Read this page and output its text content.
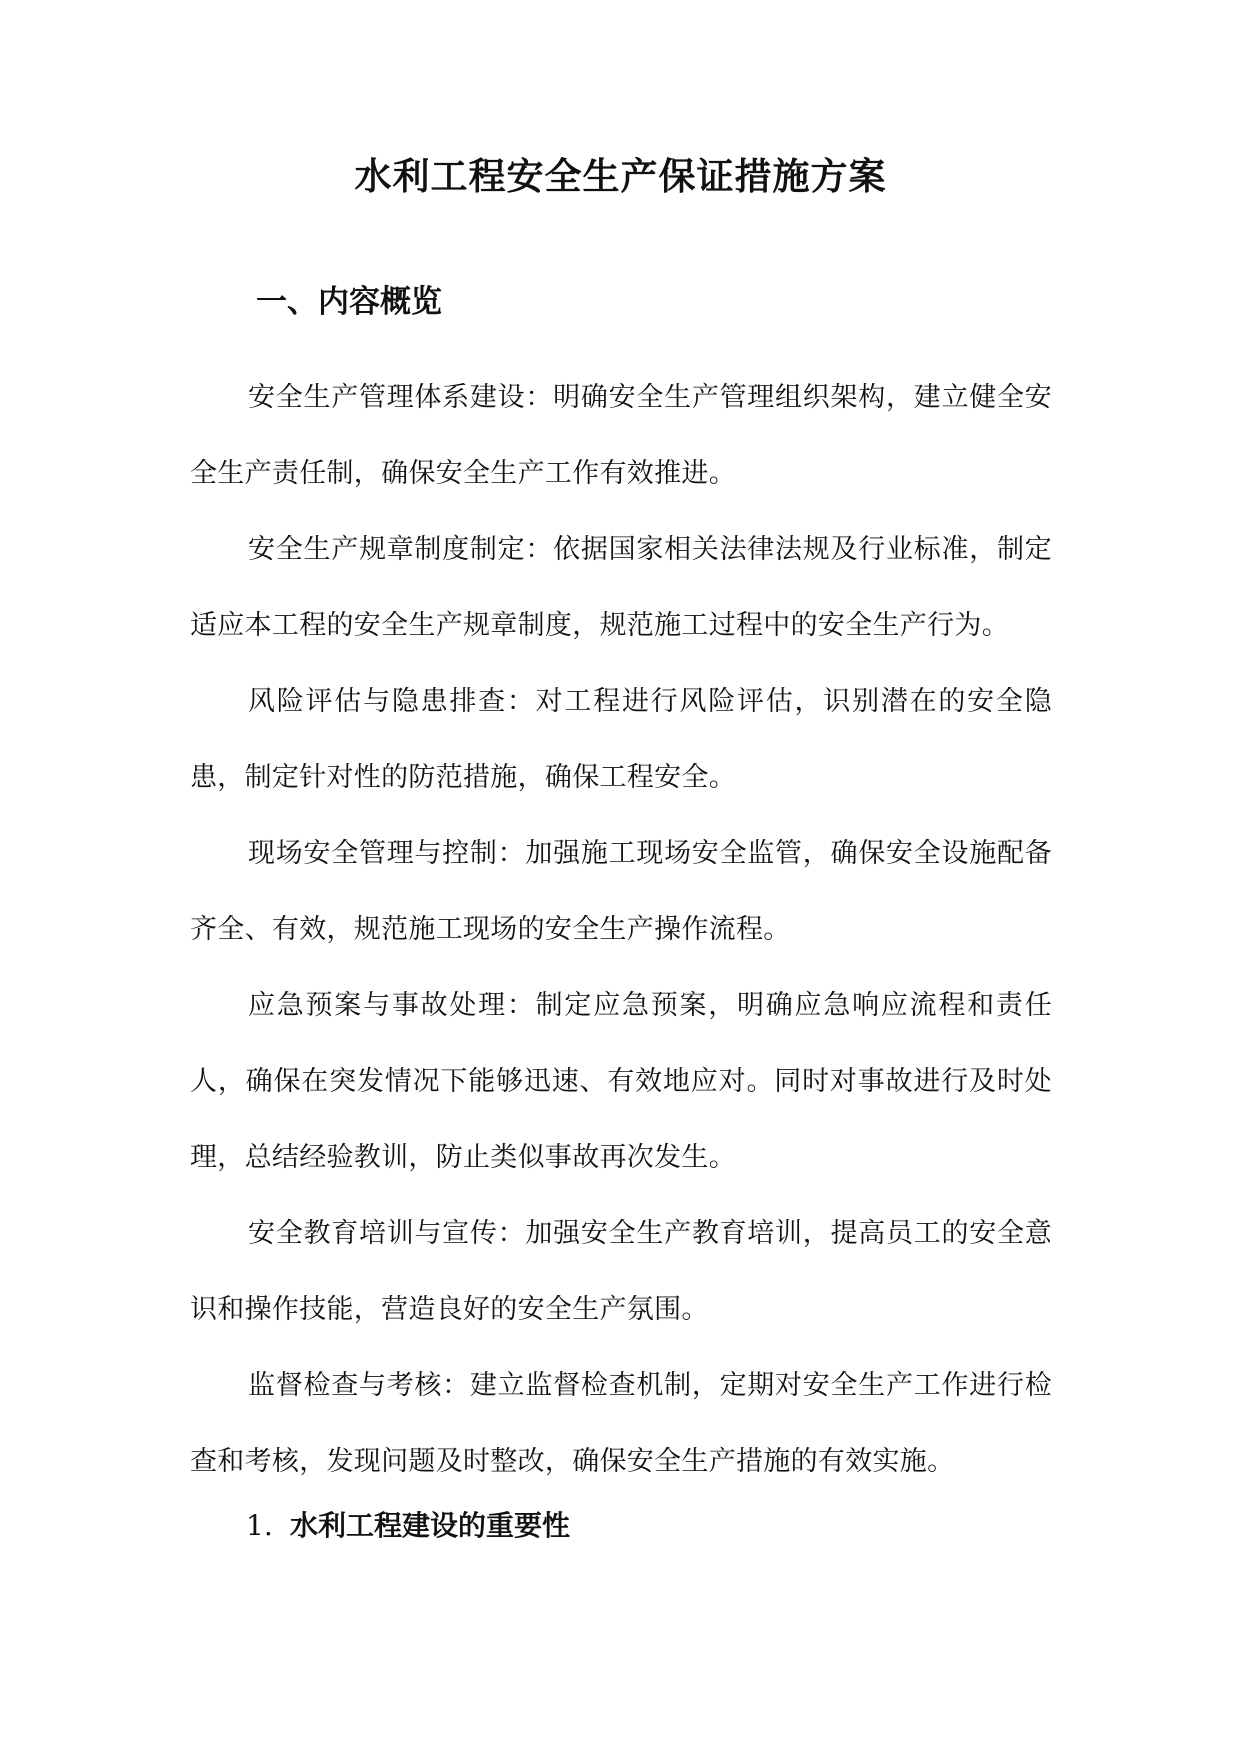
水利工程安全生产保证措施方案
一、内容概览

安全生产管理体系建设：明确安全生产管理组织架构，建立健全安全生产责任制，确保安全生产工作有效推进。

安全生产规章制度制定：依据国家相关法律法规及行业标准，制定适应本工程的安全生产规章制度，规范施工过程中的安全生产行为。

风险评估与隐患排查：对工程进行风险评估，识别潜在的安全隐患，制定针对性的防范措施，确保工程安全。

现场安全管理与控制：加强施工现场安全监管，确保安全设施配备齐全、有效，规范施工现场的安全生产操作流程。

应急预案与事故处理：制定应急预案，明确应急响应流程和责任人，确保在突发情况下能够迅速、有效地应对。同时对事故进行及时处理，总结经验教训，防止类似事故再次发生。

安全教育培训与宣传：加强安全生产教育培训，提高员工的安全意识和操作技能，营造良好的安全生产氛围。

监督检查与考核：建立监督检查机制，定期对安全生产工作进行检查和考核，发现问题及时整改，确保安全生产措施的有效实施。

1. 水利工程建设的重要性
